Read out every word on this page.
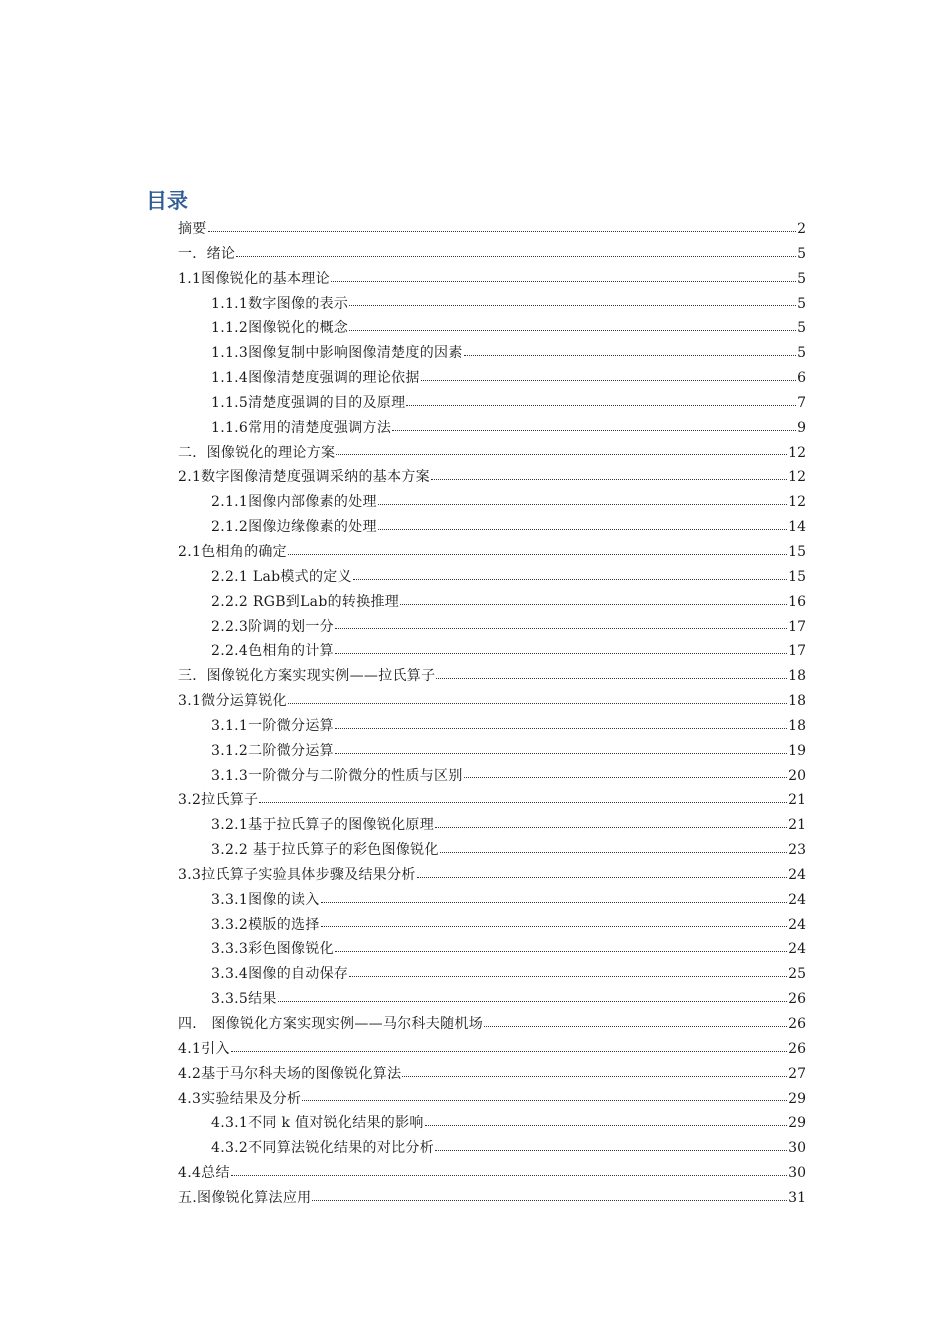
目录
摘要	2
一．绪论	5
1.1图像锐化的基本理论	5
1.1.1数字图像的表示	5
1.1.2图像锐化的概念	5
1.1.3图像复制中影响图像清楚度的因素	5
1.1.4图像清楚度强调的理论依据	6
1.1.5清楚度强调的目的及原理	7
1.1.6常用的清楚度强调方法	9
二．图像锐化的理论方案	12
2.1数字图像清楚度强调采纳的基本方案	12
2.1.1图像内部像素的处理	12
2.1.2图像边缘像素的处理	14
2.1色相角的确定	15
2.2.1 Lab模式的定义	15
2.2.2 RGB到Lab的转换推理	16
2.2.3阶调的划一分	17
2.2.4色相角的计算	17
三．图像锐化方案实现实例——拉氏算子	18
3.1微分运算锐化	18
3.1.1一阶微分运算	18
3.1.2二阶微分运算	19
3.1.3一阶微分与二阶微分的性质与区别	20
3.2拉氏算子	21
3.2.1基于拉氏算子的图像锐化原理	21
3.2.2 基于拉氏算子的彩色图像锐化	23
3.3拉氏算子实验具体步骤及结果分析	24
3.3.1图像的读入	24
3.3.2模版的选择	24
3.3.3彩色图像锐化	24
3.3.4图像的自动保存	25
3.3.5结果	26
四． 图像锐化方案实现实例——马尔科夫随机场	26
4.1引入	26
4.2基于马尔科夫场的图像锐化算法	27
4.3实验结果及分析	29
4.3.1不同 k 值对锐化结果的影响	29
4.3.2不同算法锐化结果的对比分析	30
4.4总结	30
五.图像锐化算法应用	31
